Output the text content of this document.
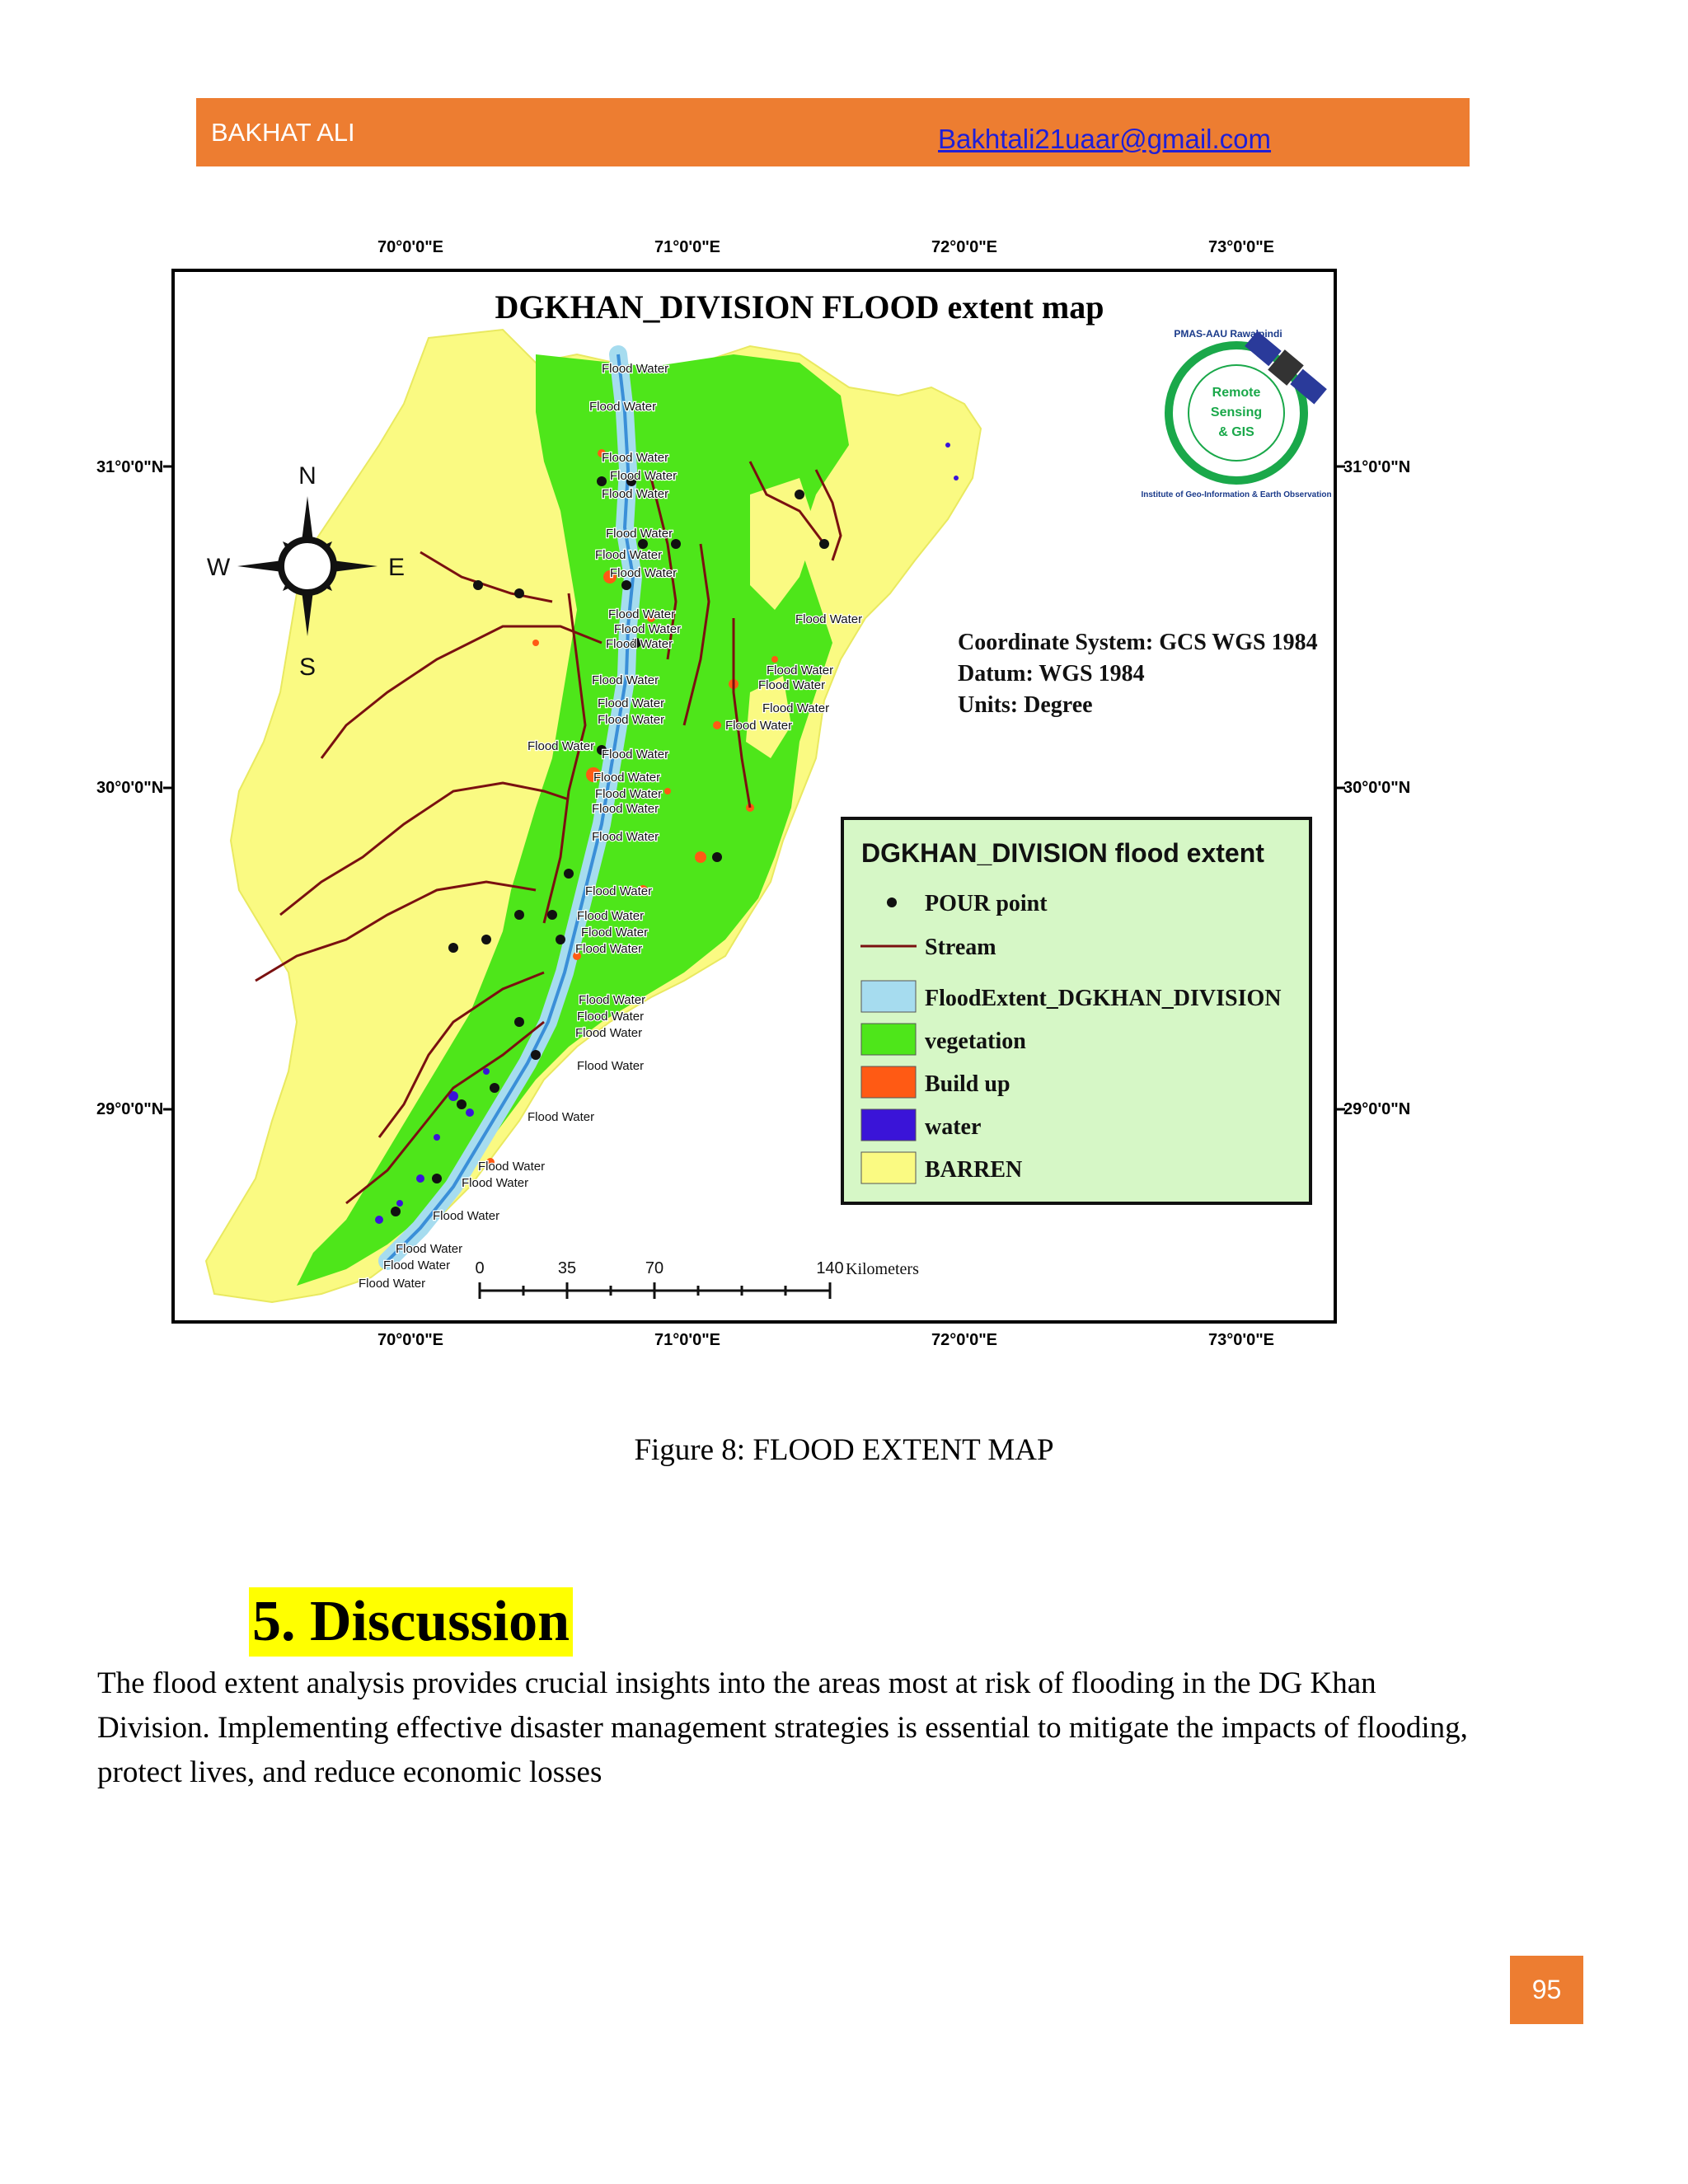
BAKHAT ALI	Bakhtali21uaar@gmail.com
70°0'0"E	71°0'0"E	72°0'0"E	73°0'0"E
70°0'0"E	71°0'0"E	72°0'0"E	73°0'0"E
31°0'0"N
30°0'0"N
29°0'0"N
31°0'0"N
30°0'0"N
29°0'0"N
DGKHAN_DIVISION FLOOD extent map
Flood Water
Flood Water
Flood Water
Flood Water
Flood Water
Flood Water
Flood Water
Flood Water
Flood Water
Flood Water
Flood Water
Flood Water
Flood Water
Flood Water
Flood Water
Flood Water
Flood Water
Flood Water
Flood Water
Flood Water
Flood Water
Flood Water
Flood Water
Flood Water
Flood Water
Flood Water
Flood Water
Flood Water
Flood Water
Flood Water
Flood Water
Flood Water
Flood Water
Flood Water
Flood Water
Flood Water
Flood Water
Flood Water
Flood Water
Flood Water
N
S
W	E
Remote
Sensing
& GIS
PMAS-AAU Rawalpindi
Institute of Geo-Information & Earth Observation
Coordinate System: GCS WGS 1984
Datum: WGS 1984
Units: Degree
DGKHAN_DIVISION flood extent
POUR point
Stream
FloodExtent_DGKHAN_DIVISION
vegetation
Build up
water
BARREN
0	35	70	140 Kilometers
Figure 8: FLOOD EXTENT MAP
5. Discussion
The flood extent analysis provides crucial insights into the areas most at risk of flooding in the DG Khan
Division. Implementing effective disaster management strategies is essential to mitigate the impacts of flooding,
protect lives, and reduce economic losses
95
